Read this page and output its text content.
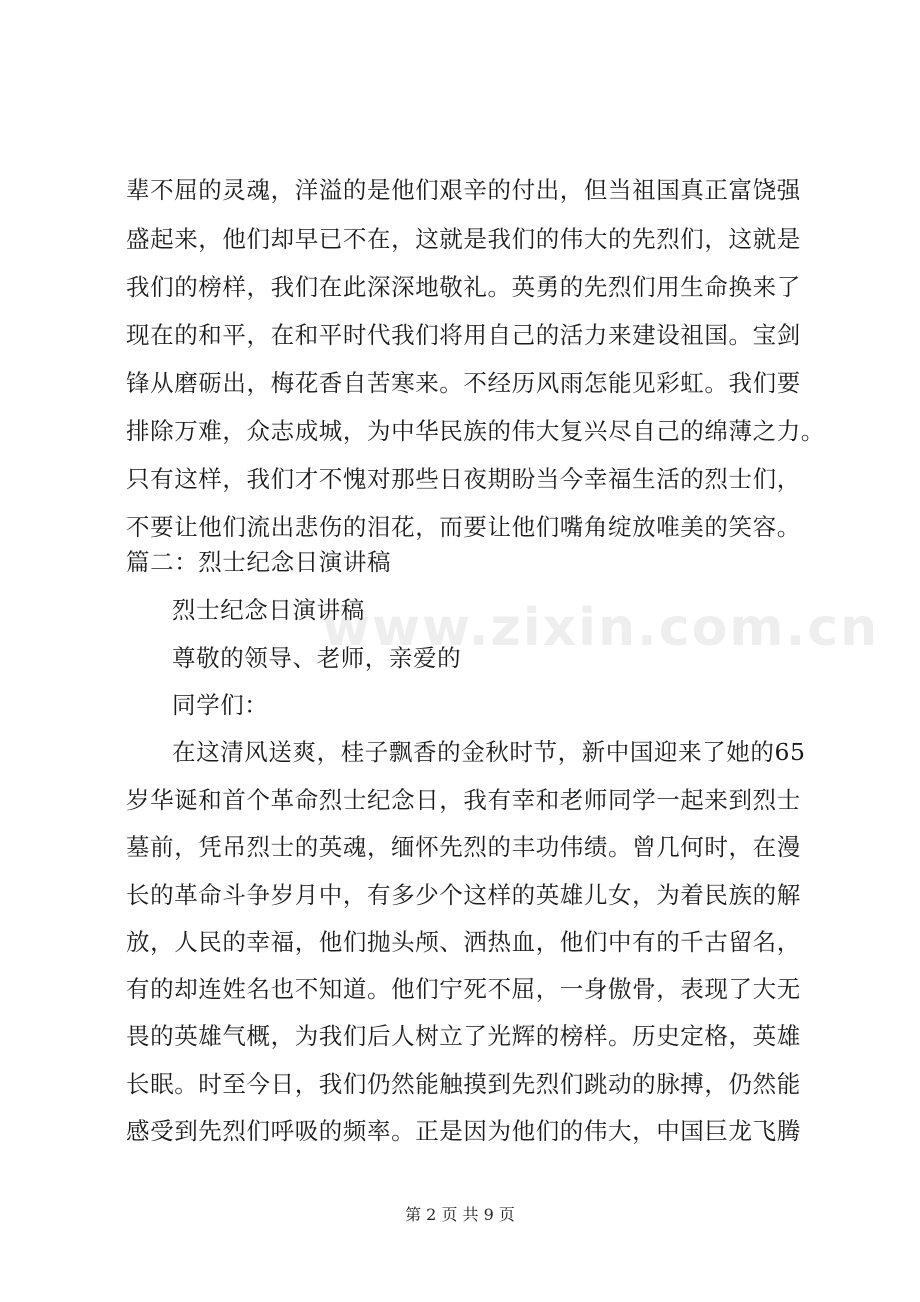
辈不屈的灵魂，洋溢的是他们艰辛的付出，但当祖国真正富饶强
盛起来，他们却早已不在，这就是我们的伟大的先烈们，这就是
我们的榜样，我们在此深深地敬礼。英勇的先烈们用生命换来了
现在的和平，在和平时代我们将用自己的活力来建设祖国。宝剑
锋从磨砺出，梅花香自苦寒来。不经历风雨怎能见彩虹。我们要
排除万难，众志成城，为中华民族的伟大复兴尽自己的绵薄之力。
只有这样，我们才不愧对那些日夜期盼当今幸福生活的烈士们，
不要让他们流出悲伤的泪花，而要让他们嘴角绽放唯美的笑容。
篇二：烈士纪念日演讲稿
烈士纪念日演讲稿
尊敬的领导、老师，亲爱的
同学们：
在这清风送爽，桂子飘香的金秋时节，新中国迎来了她的65
岁华诞和首个革命烈士纪念日，我有幸和老师同学一起来到烈士
墓前，凭吊烈士的英魂，缅怀先烈的丰功伟绩。曾几何时，在漫
长的革命斗争岁月中，有多少个这样的英雄儿女，为着民族的解
放，人民的幸福，他们抛头颅、洒热血，他们中有的千古留名，
有的却连姓名也不知道。他们宁死不屈，一身傲骨，表现了大无
畏的英雄气概，为我们后人树立了光辉的榜样。历史定格，英雄
长眠。时至今日，我们仍然能触摸到先烈们跳动的脉搏，仍然能
感受到先烈们呼吸的频率。正是因为他们的伟大，中国巨龙飞腾
www.zixin.com.cn
第 2 页 共 9 页
